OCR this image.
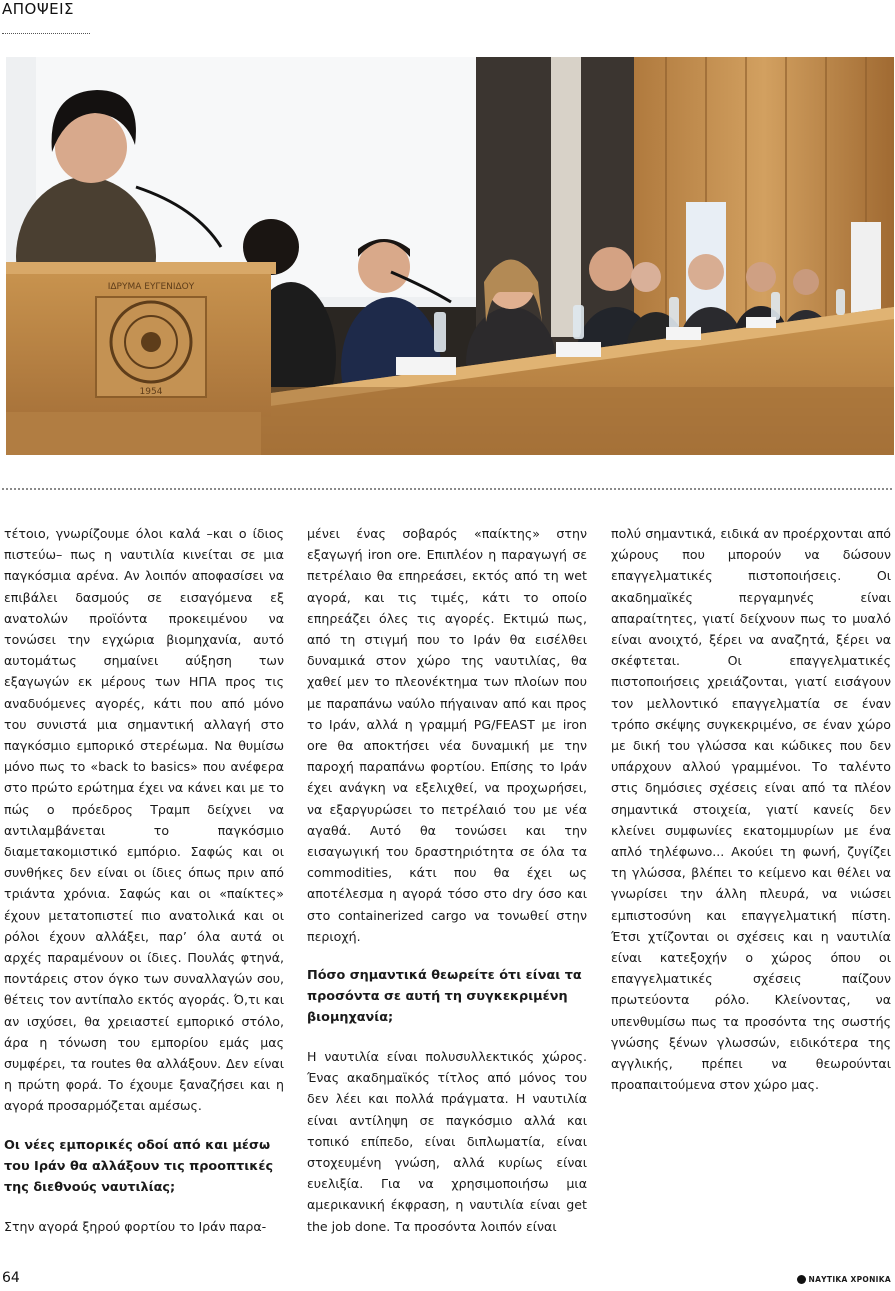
ΑΠΟΨΕΙΣ
ΙΔΡΥΜΑ ΕΥΓΕΝΙΔΟΥ
1954

τέτοιο, γνωρίζουμε όλοι καλά –και ο ίδιος πιστεύω– πως η ναυτιλία κινείται σε μια παγκόσμια αρένα. Αν λοιπόν αποφασίσει να επιβάλει δασμούς σε εισαγόμενα εξ ανατολών προϊόντα προκειμένου να τονώσει την εγχώρια βιομηχανία, αυτό αυτομάτως σημαίνει αύξηση των εξαγωγών εκ μέρους των ΗΠΑ προς τις αναδυόμενες αγορές, κάτι που από μόνο του συνιστά μια σημαντική αλλαγή στο παγκόσμιο εμπορικό στερέωμα. Να θυμίσω μόνο πως το «back to basics» που ανέφερα στο πρώτο ερώτημα έχει να κάνει και με το πώς ο πρόεδρος Τραμπ δείχνει να αντιλαμβάνεται το παγκόσμιο διαμετακομιστικό εμπόριο. Σαφώς και οι συνθήκες δεν είναι οι ίδιες όπως πριν από τριάντα χρόνια. Σαφώς και οι «παίκτες» έχουν μετατοπιστεί πιο ανατολικά και οι ρόλοι έχουν αλλάξει, παρ’ όλα αυτά οι αρχές παραμένουν οι ίδιες. Πουλάς φτηνά, ποντάρεις στον όγκο των συναλλαγών σου, θέτεις τον αντίπαλο εκτός αγοράς. Ό,τι και αν ισχύσει, θα χρειαστεί εμπορικό στόλο, άρα η τόνωση του εμπορίου εμάς μας συμφέρει, τα routes θα αλλάξουν. Δεν είναι η πρώτη φορά. Το έχουμε ξαναζήσει και η αγορά προσαρμόζεται αμέσως.

Οι νέες εμπορικές οδοί από και μέσω του Ιράν θα αλλάξουν τις προοπτικές της διεθνούς ναυτιλίας;

Στην αγορά ξηρού φορτίου το Ιράν παρα-

μένει ένας σοβαρός «παίκτης» στην εξαγωγή iron ore. Επιπλέον η παραγωγή σε πετρέλαιο θα επηρεάσει, εκτός από τη wet αγορά, και τις τιμές, κάτι το οποίο επηρεάζει όλες τις αγορές. Εκτιμώ πως, από τη στιγμή που το Ιράν θα εισέλθει δυναμικά στον χώρο της ναυτιλίας, θα χαθεί μεν το πλεονέκτημα των πλοίων που με παραπάνω ναύλο πήγαιναν από και προς το Ιράν, αλλά η γραμμή PG/FEAST με iron ore θα αποκτήσει νέα δυναμική με την παροχή παραπάνω φορτίου. Επίσης το Ιράν έχει ανάγκη να εξελιχθεί, να προχωρήσει, να εξαργυρώσει το πετρέλαιό του με νέα αγαθά. Αυτό θα τονώσει και την εισαγωγική του δραστηριότητα σε όλα τα commodities, κάτι που θα έχει ως αποτέλεσμα η αγορά τόσο στο dry όσο και στο containerized cargo να τονωθεί στην περιοχή.

Πόσο σημαντικά θεωρείτε ότι είναι τα προσόντα σε αυτή τη συγκεκριμένη βιομηχανία;

Η ναυτιλία είναι πολυσυλλεκτικός χώρος. Ένας ακαδημαϊκός τίτλος από μόνος του δεν λέει και πολλά πράγματα. Η ναυτιλία είναι αντίληψη σε παγκόσμιο αλλά και τοπικό επίπεδο, είναι διπλωματία, είναι στοχευμένη γνώση, αλλά κυρίως είναι ευελιξία. Για να χρησιμοποιήσω μια αμερικανική έκφραση, η ναυτιλία είναι get the job done. Τα προσόντα λοιπόν είναι

πολύ σημαντικά, ειδικά αν προέρχονται από χώρους που μπορούν να δώσουν επαγγελματικές πιστοποιήσεις. Οι ακαδημαϊκές περγαμηνές είναι απαραίτητες, γιατί δείχνουν πως το μυαλό είναι ανοιχτό, ξέρει να αναζητά, ξέρει να σκέφτεται. Οι επαγγελματικές πιστοποιήσεις χρειάζονται, γιατί εισάγουν τον μελλοντικό επαγγελματία σε έναν τρόπο σκέψης συγκεκριμένο, σε έναν χώρο με δική του γλώσσα και κώδικες που δεν υπάρχουν αλλού γραμμένοι. Το ταλέντο στις δημόσιες σχέσεις είναι από τα πλέον σημαντικά στοιχεία, γιατί κανείς δεν κλείνει συμφωνίες εκατομμυρίων με ένα απλό τηλέφωνο... Ακούει τη φωνή, ζυγίζει τη γλώσσα, βλέπει το κείμενο και θέλει να γνωρίσει την άλλη πλευρά, να νιώσει εμπιστοσύνη και επαγγελματική πίστη. Έτσι χτίζονται οι σχέσεις και η ναυτιλία είναι κατεξοχήν ο χώρος όπου οι επαγγελματικές σχέσεις παίζουν πρωτεύοντα ρόλο. Κλείνοντας, να υπενθυμίσω πως τα προσόντα της σωστής γνώσης ξένων γλωσσών, ειδικότερα της αγγλικής, πρέπει να θεωρούνται προαπαιτούμενα στον χώρο μας.

64	ΝΑΥΤΙΚΑ ΧΡΟΝΙΚΑ
